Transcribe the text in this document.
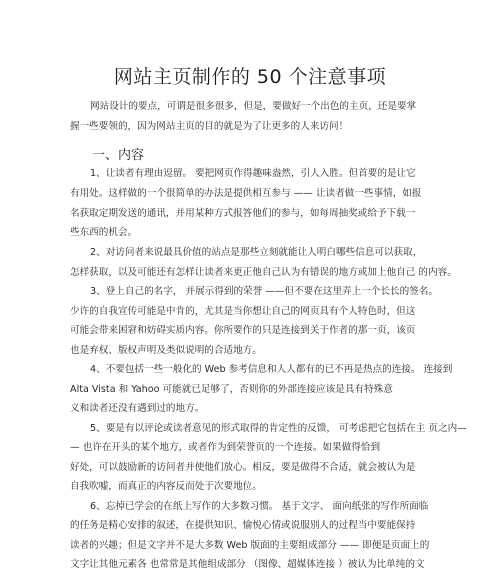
网站主页制作的 50 个注意事项
网站设计的要点，可谓是很多很多，但是，要做好一个出色的主页，还是要掌
握一些要领的，因为网站主页的目的就是为了让更多的人来访问！
一、内容
1、让读者有理由逗留。 要把网页作得趣味盎然，引人入胜。但首要的是让它
有用处。这样做的一个很简单的办法是提供相互参与 —— 让读者做一些事情，如报
名获取定期发送的通讯，并用某种方式报答他们的参与，如每周抽奖或给予下载一
些东西的机会。
2、对访问者来说最具价值的站点是那些立刻就能让人明白哪些信息可以获取，
怎样获取，以及可能还有怎样让读者来更正他自己认为有错误的地方或加上他自己 的内容。
3、登上自己的名字， 并展示得到的荣誉 ——但不要在这里弄上一个长长的签名。
少许的自我宣传可能是中肯的，尤其是当你想让自己的网页具有个人特色时，但这
可能会带来困窘和妨碍实质内容。你所要作的只是连接到关于作者的那一页，该页
也是弃权、版权声明及类似说明的合适地方。
4、不要包括一些一般化的 Web 参考信息和人人都有的已不再是热点的连接。 连接到
Alta Vista 和 Yahoo 可能就已足够了，否则你的外部连接应该是具有特殊意
义和读者还没有遇到过的地方。
5、要是有以评论或读者意见的形式取得的肯定性的反馈， 可考虑把它包括在主 页之内—
— 也许在开头的某个地方，或者作为到荣誉页的一个连接。如果做得恰到
好处，可以鼓励新的访问者并使他们放心。相反，要是做得不合适，就会被认为是
自我吹嘘，而真正的内容反而处于次要地位。
6、忘掉已学会的在纸上写作的大多数习惯。 基于文字、 面向纸张的写作所面临
的任务是精心安排的叙述，在提供知识、愉悦心情或说服别人的过程当中要能保持
读者的兴趣；但是文字并不是大多数 Web 版面的主要组成部分 —— 即便是页面上的
文字让其他元素各 也常常是其他组成部分 （图像、超媒体连接 ）被认为比单纯的文
